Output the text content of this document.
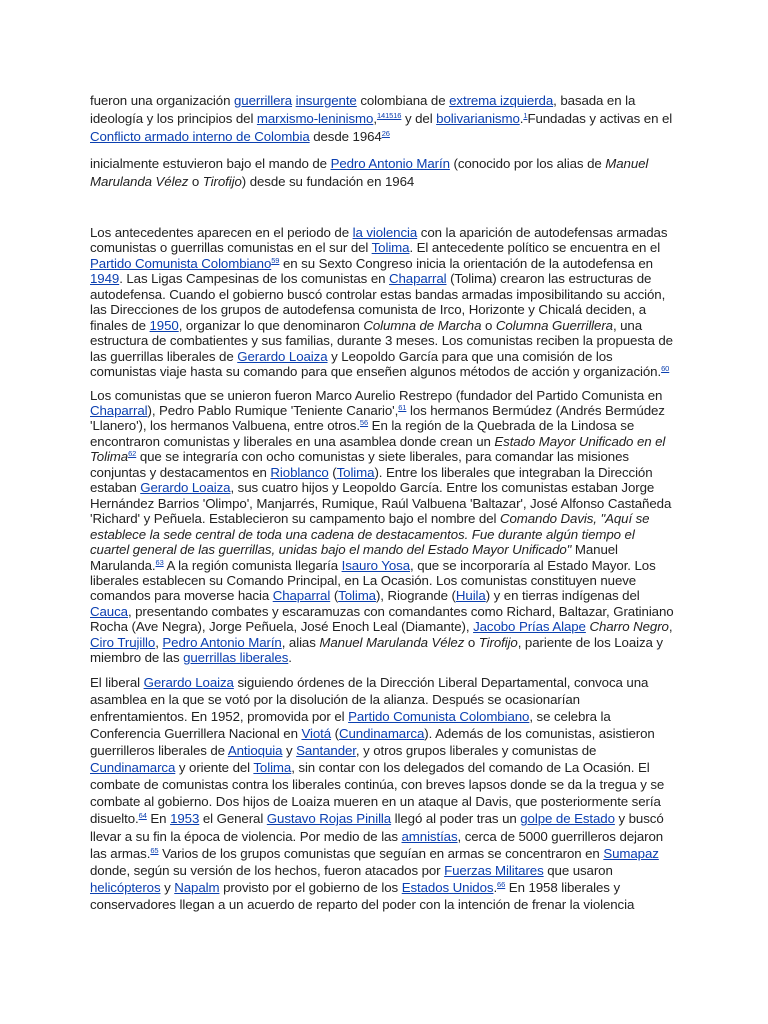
fueron una organización guerrillera insurgente colombiana de extrema izquierda, basada en la ideología y los principios del marxismo-leninismo,$^{141516}$ y del bolivarianismo.$^1$Fundadas y activas en el Conflicto armado interno de Colombia desde 1964$^{26}$

inicialmente estuvieron bajo el mando de Pedro Antonio Marín (conocido por los alias de Manuel Marulanda Vélez o Tirofijo) desde su fundación en 1964

Los antecedentes aparecen en el periodo de la violencia con la aparición de autodefensas armadas comunistas o guerrillas comunistas en el sur del Tolima. El antecedente político se encuentra en el Partido Comunista Colombiano$^{59}$ en su Sexto Congreso inicia la orientación de la autodefensa en 1949. Las Ligas Campesinas de los comunistas en Chaparral (Tolima) crearon las estructuras de autodefensa. Cuando el gobierno buscó controlar estas bandas armadas imposibilitando su acción, las Direcciones de los grupos de autodefensa comunista de Irco, Horizonte y Chicalá deciden, a finales de 1950, organizar lo que denominaron Columna de Marcha o Columna Guerrillera, una estructura de combatientes y sus familias, durante 3 meses. Los comunistas reciben la propuesta de las guerrillas liberales de Gerardo Loaiza y Leopoldo García para que una comisión de los comunistas viaje hasta su comando para que enseñen algunos métodos de acción y organización.$^{60}$

Los comunistas que se unieron fueron Marco Aurelio Restrepo (fundador del Partido Comunista en Chaparral), Pedro Pablo Rumique 'Teniente Canario',$^{61}$ los hermanos Bermúdez (Andrés Bermúdez 'Llanero'), los hermanos Valbuena, entre otros.$^{56}$ En la región de la Quebrada de la Lindosa se encontraron comunistas y liberales en una asamblea donde crean un Estado Mayor Unificado en el Tolima$^{62}$ que se integraría con ocho comunistas y siete liberales, para comandar las misiones conjuntas y destacamentos en Rioblanco (Tolima). Entre los liberales que integraban la Dirección estaban Gerardo Loaiza, sus cuatro hijos y Leopoldo García. Entre los comunistas estaban Jorge Hernández Barrios 'Olimpo', Manjarrés, Rumique, Raúl Valbuena 'Baltazar', José Alfonso Castañeda 'Richard' y Peñuela. Establecieron su campamento bajo el nombre del Comando Davis, "Aquí se establece la sede central de toda una cadena de destacamentos. Fue durante algún tiempo el cuartel general de las guerrillas, unidas bajo el mando del Estado Mayor Unificado" Manuel Marulanda.$^{63}$ A la región comunista llegaría Isauro Yosa, que se incorporaría al Estado Mayor. Los liberales establecen su Comando Principal, en La Ocasión. Los comunistas constituyen nueve comandos para moverse hacia Chaparral (Tolima), Riogrande (Huila) y en tierras indígenas del Cauca, presentando combates y escaramuzas con comandantes como Richard, Baltazar, Gratiniano Rocha (Ave Negra), Jorge Peñuela, José Enoch Leal (Diamante), Jacobo Prías Alape Charro Negro, Ciro Trujillo, Pedro Antonio Marín, alias Manuel Marulanda Vélez o Tirofijo, pariente de los Loaiza y miembro de las guerrillas liberales.

El liberal Gerardo Loaiza siguiendo órdenes de la Dirección Liberal Departamental, convoca una asamblea en la que se votó por la disolución de la alianza. Después se ocasionarían enfrentamientos. En 1952, promovida por el Partido Comunista Colombiano, se celebra la Conferencia Guerrillera Nacional en Viotá (Cundinamarca). Además de los comunistas, asistieron guerrilleros liberales de Antioquia y Santander, y otros grupos liberales y comunistas de Cundinamarca y oriente del Tolima, sin contar con los delegados del comando de La Ocasión. El combate de comunistas contra los liberales continúa, con breves lapsos donde se da la tregua y se combate al gobierno. Dos hijos de Loaiza mueren en un ataque al Davis, que posteriormente sería disuelto.$^{64}$ En 1953 el General Gustavo Rojas Pinilla llegó al poder tras un golpe de Estado y buscó llevar a su fin la época de violencia. Por medio de las amnistías, cerca de 5000 guerrilleros dejaron las armas.$^{65}$ Varios de los grupos comunistas que seguían en armas se concentraron en Sumapaz donde, según su versión de los hechos, fueron atacados por Fuerzas Militares que usaron helicópteros y Napalm provisto por el gobierno de los Estados Unidos.$^{66}$ En 1958 liberales y conservadores llegan a un acuerdo de reparto del poder con la intención de frenar la violencia
